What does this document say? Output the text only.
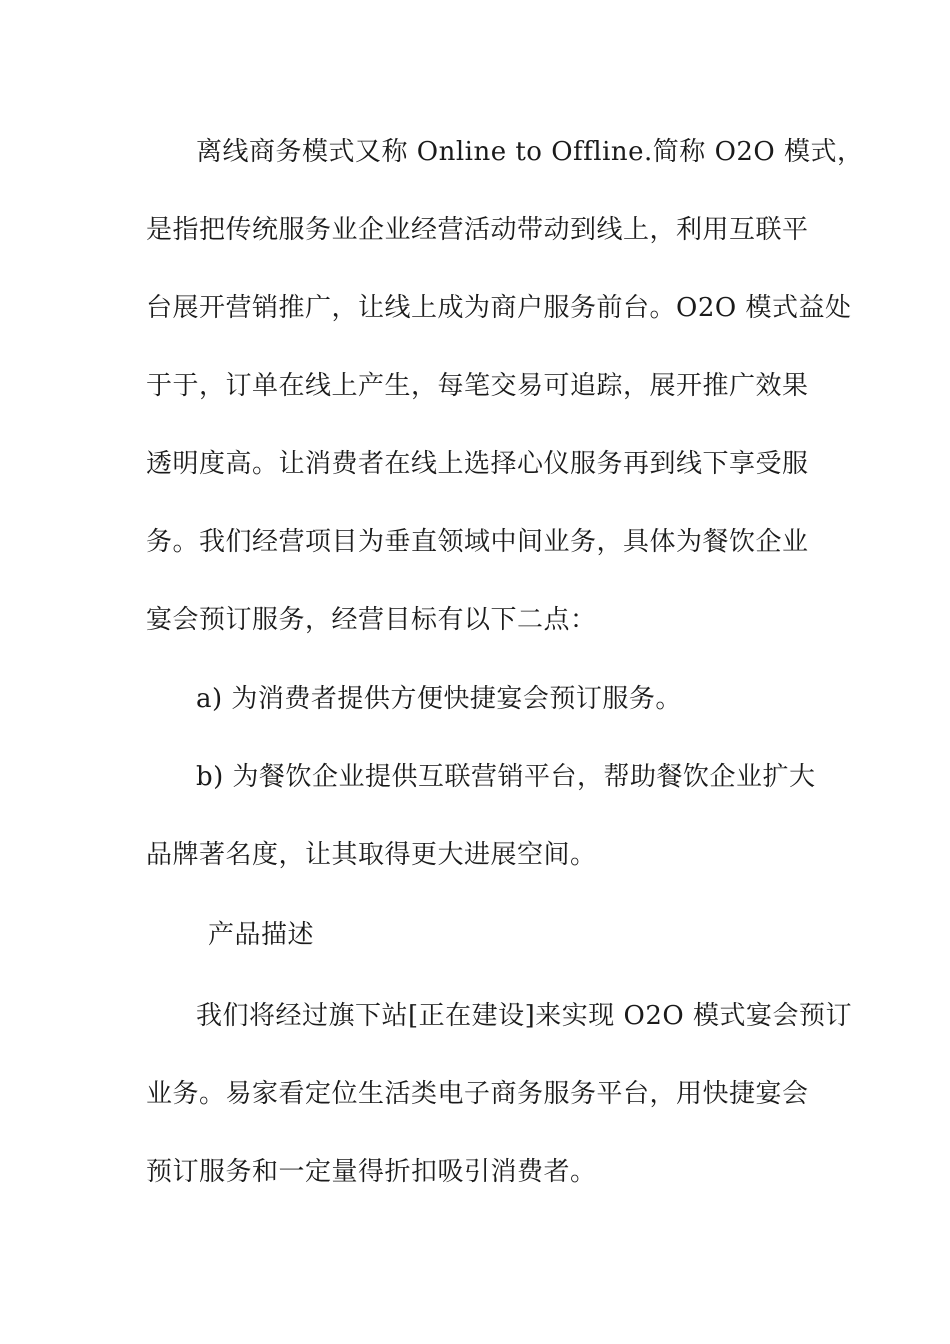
离线商务模式又称 Online to Offline.简称 O2O 模式，
是指把传统服务业企业经营活动带动到线上，利用互联平
台展开营销推广，让线上成为商户服务前台。O2O 模式益处
于于，订单在线上产生，每笔交易可追踪，展开推广效果
透明度高。让消费者在线上选择心仪服务再到线下享受服
务。我们经营项目为垂直领域中间业务，具体为餐饮企业
宴会预订服务，经营目标有以下二点：
a) 为消费者提供方便快捷宴会预订服务。
b) 为餐饮企业提供互联营销平台，帮助餐饮企业扩大
品牌著名度，让其取得更大进展空间。
产品描述
我们将经过旗下站[正在建设]来实现 O2O 模式宴会预订
业务。易家看定位生活类电子商务服务平台，用快捷宴会
预订服务和一定量得折扣吸引消费者。
